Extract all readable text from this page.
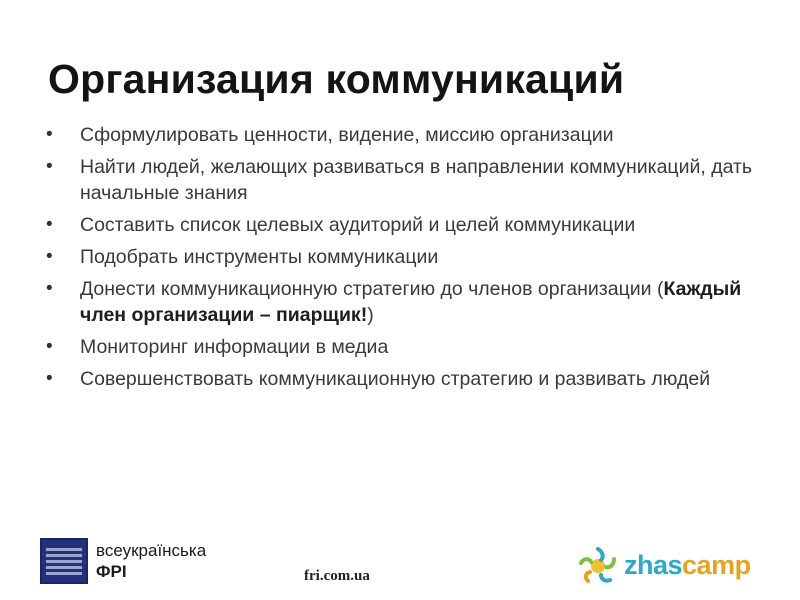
Организация коммуникаций
• Сформулировать ценности, видение, миссию организации
• Найти людей, желающих развиваться в направлении коммуникаций, дать начальные знания
• Составить список целевых аудиторий и целей коммуникации
• Подобрать инструменты коммуникации
• Донести коммуникационную стратегию до членов организации (Каждый член организации – пиарщик!)
• Мониторинг информации в медиа
• Совершенствовать коммуникационную стратегию и развивать людей
всеукраїнська
ФРІ	fri.com.ua	zhascamp
